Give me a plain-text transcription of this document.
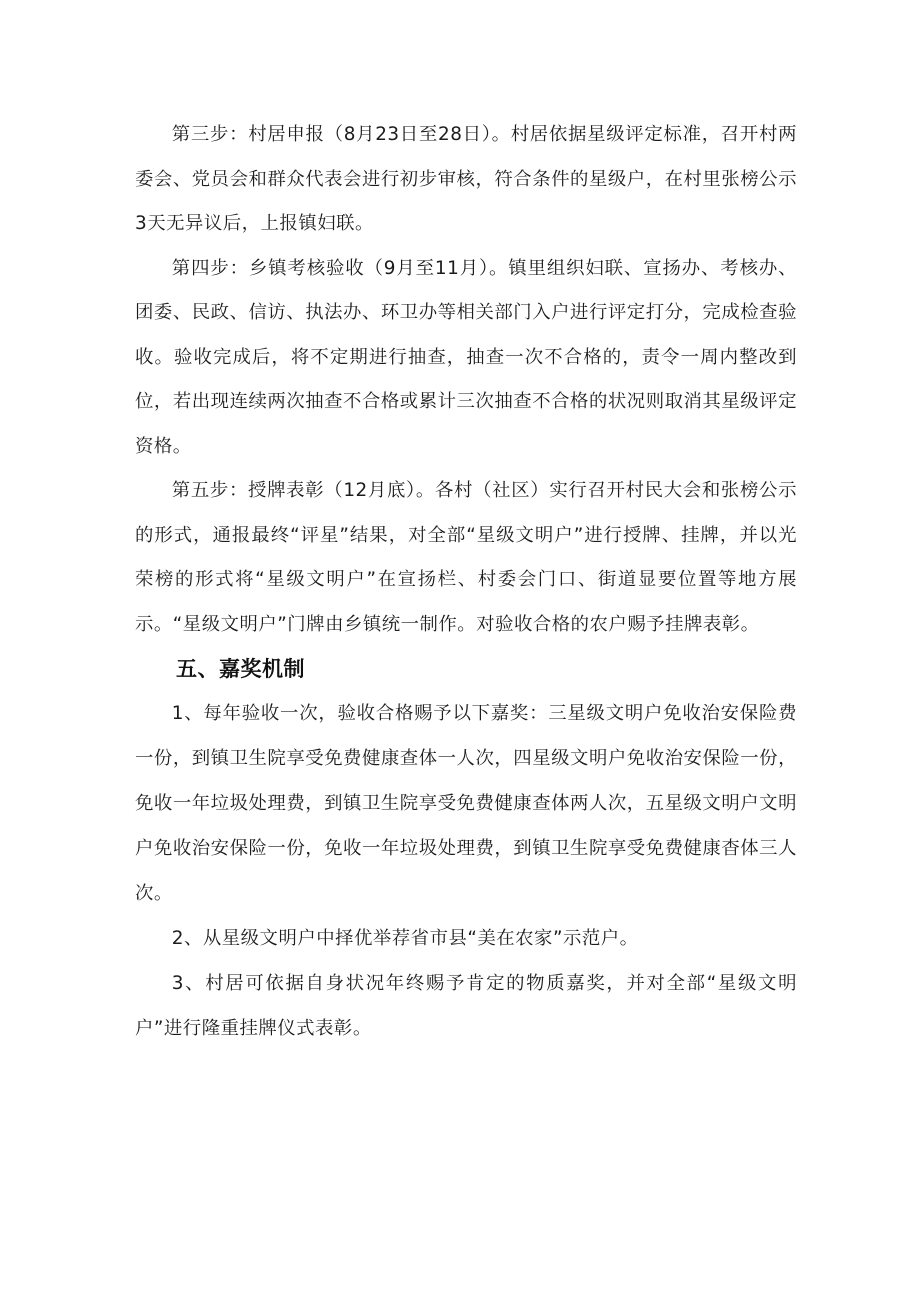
第三步：村居申报（8月23日至28日）。村居依据星级评定标准，召开村两委会、党员会和群众代表会进行初步审核，符合条件的星级户，在村里张榜公示3天无异议后，上报镇妇联。

第四步：乡镇考核验收（9月至11月）。镇里组织妇联、宣扬办、考核办、团委、民政、信访、执法办、环卫办等相关部门入户进行评定打分，完成检查验收。验收完成后，将不定期进行抽查，抽查一次不合格的，责令一周内整改到位，若出现连续两次抽查不合格或累计三次抽查不合格的状况则取消其星级评定资格。

第五步：授牌表彰（12月底）。各村（社区）实行召开村民大会和张榜公示的形式，通报最终“评星”结果，对全部“星级文明户”进行授牌、挂牌，并以光荣榜的形式将“星级文明户”在宣扬栏、村委会门口、街道显要位置等地方展示。“星级文明户”门牌由乡镇统一制作。对验收合格的农户赐予挂牌表彰。

五、嘉奖机制

1、每年验收一次，验收合格赐予以下嘉奖：三星级文明户免收治安保险费一份，到镇卫生院享受免费健康查体一人次，四星级文明户免收治安保险一份，免收一年垃圾处理费，到镇卫生院享受免费健康查体两人次，五星级文明户文明户免收治安保险一份，免收一年垃圾处理费，到镇卫生院享受免费健康杳体三人次。

2、从星级文明户中择优举荐省市县“美在农家”示范户。

3、村居可依据自身状况年终赐予肯定的物质嘉奖，并对全部“星级文明户”进行隆重挂牌仪式表彰。
